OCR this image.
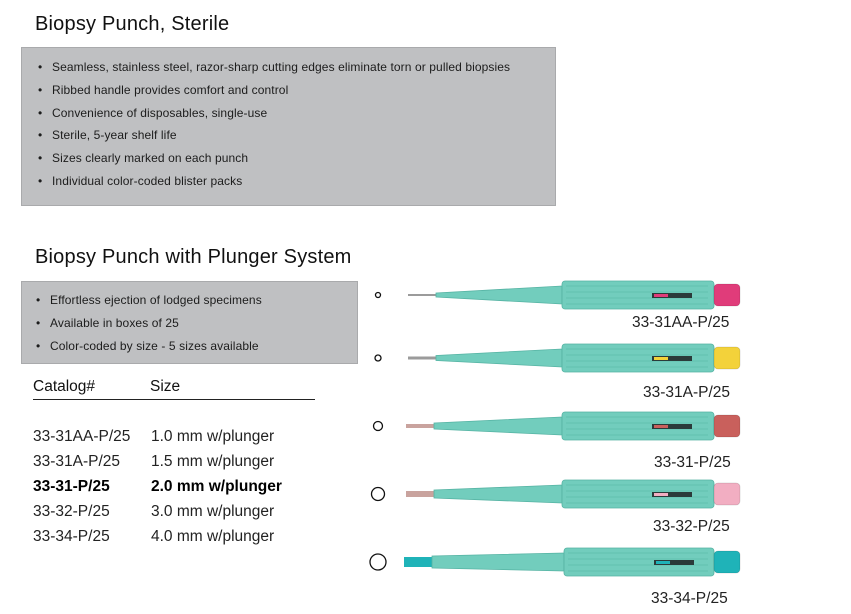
Biopsy Punch, Sterile
• Seamless, stainless steel, razor-sharp cutting edges eliminate torn or pulled biopsies
• Ribbed handle provides comfort and control
• Convenience of disposables, single-use
• Sterile, 5-year shelf life
• Sizes clearly marked on each punch
• Individual color-coded blister packs
Biopsy Punch with Plunger System
• Effortless ejection of lodged specimens
• Available in boxes of 25
• Color-coded by size - 5 sizes available
Catalog#	Size
33-31AA-P/25 1.0 mm w/plunger
33-31A-P/25 1.5 mm w/plunger
33-31-P/25	2.0 mm w/plunger
33-32-P/25	3.0 mm w/plunger
33-34-P/25	4.0 mm w/plunger
33-31AA-P/25
33-31A-P/25
33-31-P/25
33-32-P/25
33-34-P/25
